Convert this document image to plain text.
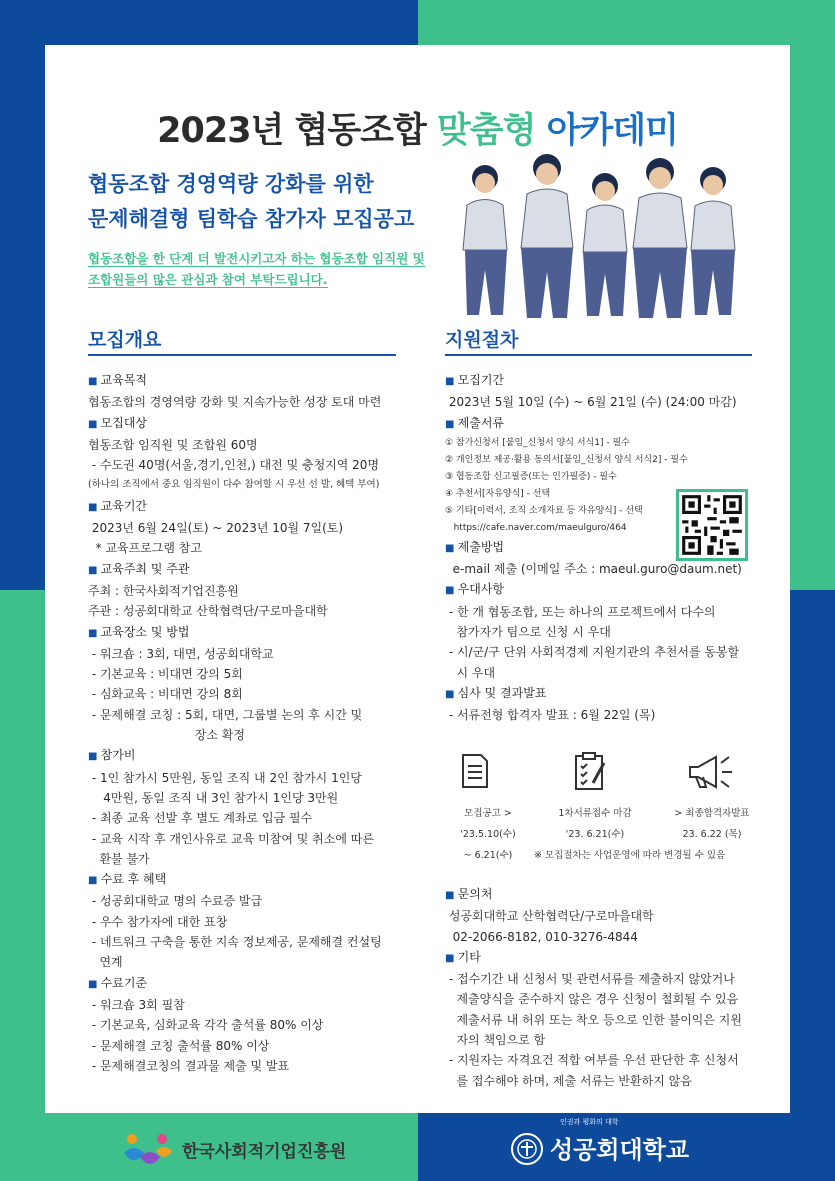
2023년 협동조합 맞춤형 아카데미
협동조합 경영역량 강화를 위한
문제해결형 팀학습 참가자 모집공고
협동조합을 한 단계 더 발전시키고자 하는 협동조합 임직원 및
조합원들의 많은 관심과 참여 부탁드립니다.
모집개요
■ 교육목적
협동조합의 경영역량 강화 및 지속가능한 성장 토대 마련
■ 모집대상
협동조합 임직원 및 조합원 60명
- 수도권 40명(서울,경기,인천,) 대전 및 충청지역 20명
(하나의 조직에서 중요 임직원이 다수 참여할 시 우선 선 발, 혜택 부여)
■ 교육기간
2023년 6월 24일(토) ~ 2023년 10월 7일(토)
* 교육프로그램 참고
■ 교육주최 및 주관
주최 : 한국사회적기업진흥원
주관 : 성공회대학교 산학협력단/구로마을대학
■ 교육장소 및 방법
- 워크숍 : 3회, 대면, 성공회대학교
- 기본교육 : 비대면 강의 5회
- 심화교육 : 비대면 강의 8회
- 문제해결 코칭 : 5회, 대면, 그룹별 논의 후 시간 및
장소 확정
■ 참가비
- 1인 참가시 5만원, 동일 조직 내 2인 참가시 1인당
4만원, 동일 조직 내 3인 참가시 1인당 3만원
- 최종 교육 선발 후 별도 계좌로 입금 필수
- 교육 시작 후 개인사유로 교육 미참여 및 취소에 따른
환불 불가
■ 수료 후 혜택
- 성공회대학교 명의 수료증 발급
- 우수 참가자에 대한 표창
- 네트워크 구축을 통한 지속 정보제공, 문제해결 컨설팅
연계
■ 수료기준
- 워크숍 3회 필참
- 기본교육, 심화교육 각각 출석률 80% 이상
- 문제해결 코칭 출석률 80% 이상
- 문제해결코칭의 결과물 제출 및 발표
지원절차
■ 모집기간
2023년 5월 10일 (수) ~ 6월 21일 (수) (24:00 마감)
■ 제출서류
① 참가신청서 [붙임_신청서 양식 서식1] - 필수
② 개인정보 제공·활용 동의서[붙임_신청서 양식 서식2] - 필수
③ 협동조합 신고필증(또는 인가필증) - 필수
④ 추천서[자유양식] - 선택
⑤ 기타[이력서, 조직 소개자료 등 자유양식] - 선택
https://cafe.naver.com/maeulguro/464
■ 제출방법
e-mail 제출 (이메일 주소 : maeul.guro@daum.net)
■ 우대사항
- 한 개 협동조합, 또는 하나의 프로젝트에서 다수의
참가자가 팀으로 신청 시 우대
- 시/군/구 단위 사회적경제 지원기관의 추천서를 동봉할
시 우대
■ 심사 및 결과발표
- 서류전형 합격자 발표 : 6월 22일 (목)
모집공고 >
'23.5.10(수)
~ 6.21(수)
1차서류접수 마감
'23. 6.21(수)
> 최종합격자발표
23. 6.22 (목)
※ 모집절차는 사업운영에 따라 변경될 수 있음
■ 문의처
성공회대학교 산학협력단/구로마을대학
02-2066-8182, 010-3276-4844
■ 기타
- 접수기간 내 신청서 및 관련서류를 제출하지 않았거나
제출양식을 준수하지 않은 경우 신청이 철회될 수 있음
제출서류 내 허위 또는 착오 등으로 인한 불이익은 지원
자의 책임으로 함
- 지원자는 자격요건 적합 여부를 우선 판단한 후 신청서
를 접수해야 하며, 제출 서류는 반환하지 않음
한국사회적기업진흥원
인권과 평화의 대학
성공회대학교
